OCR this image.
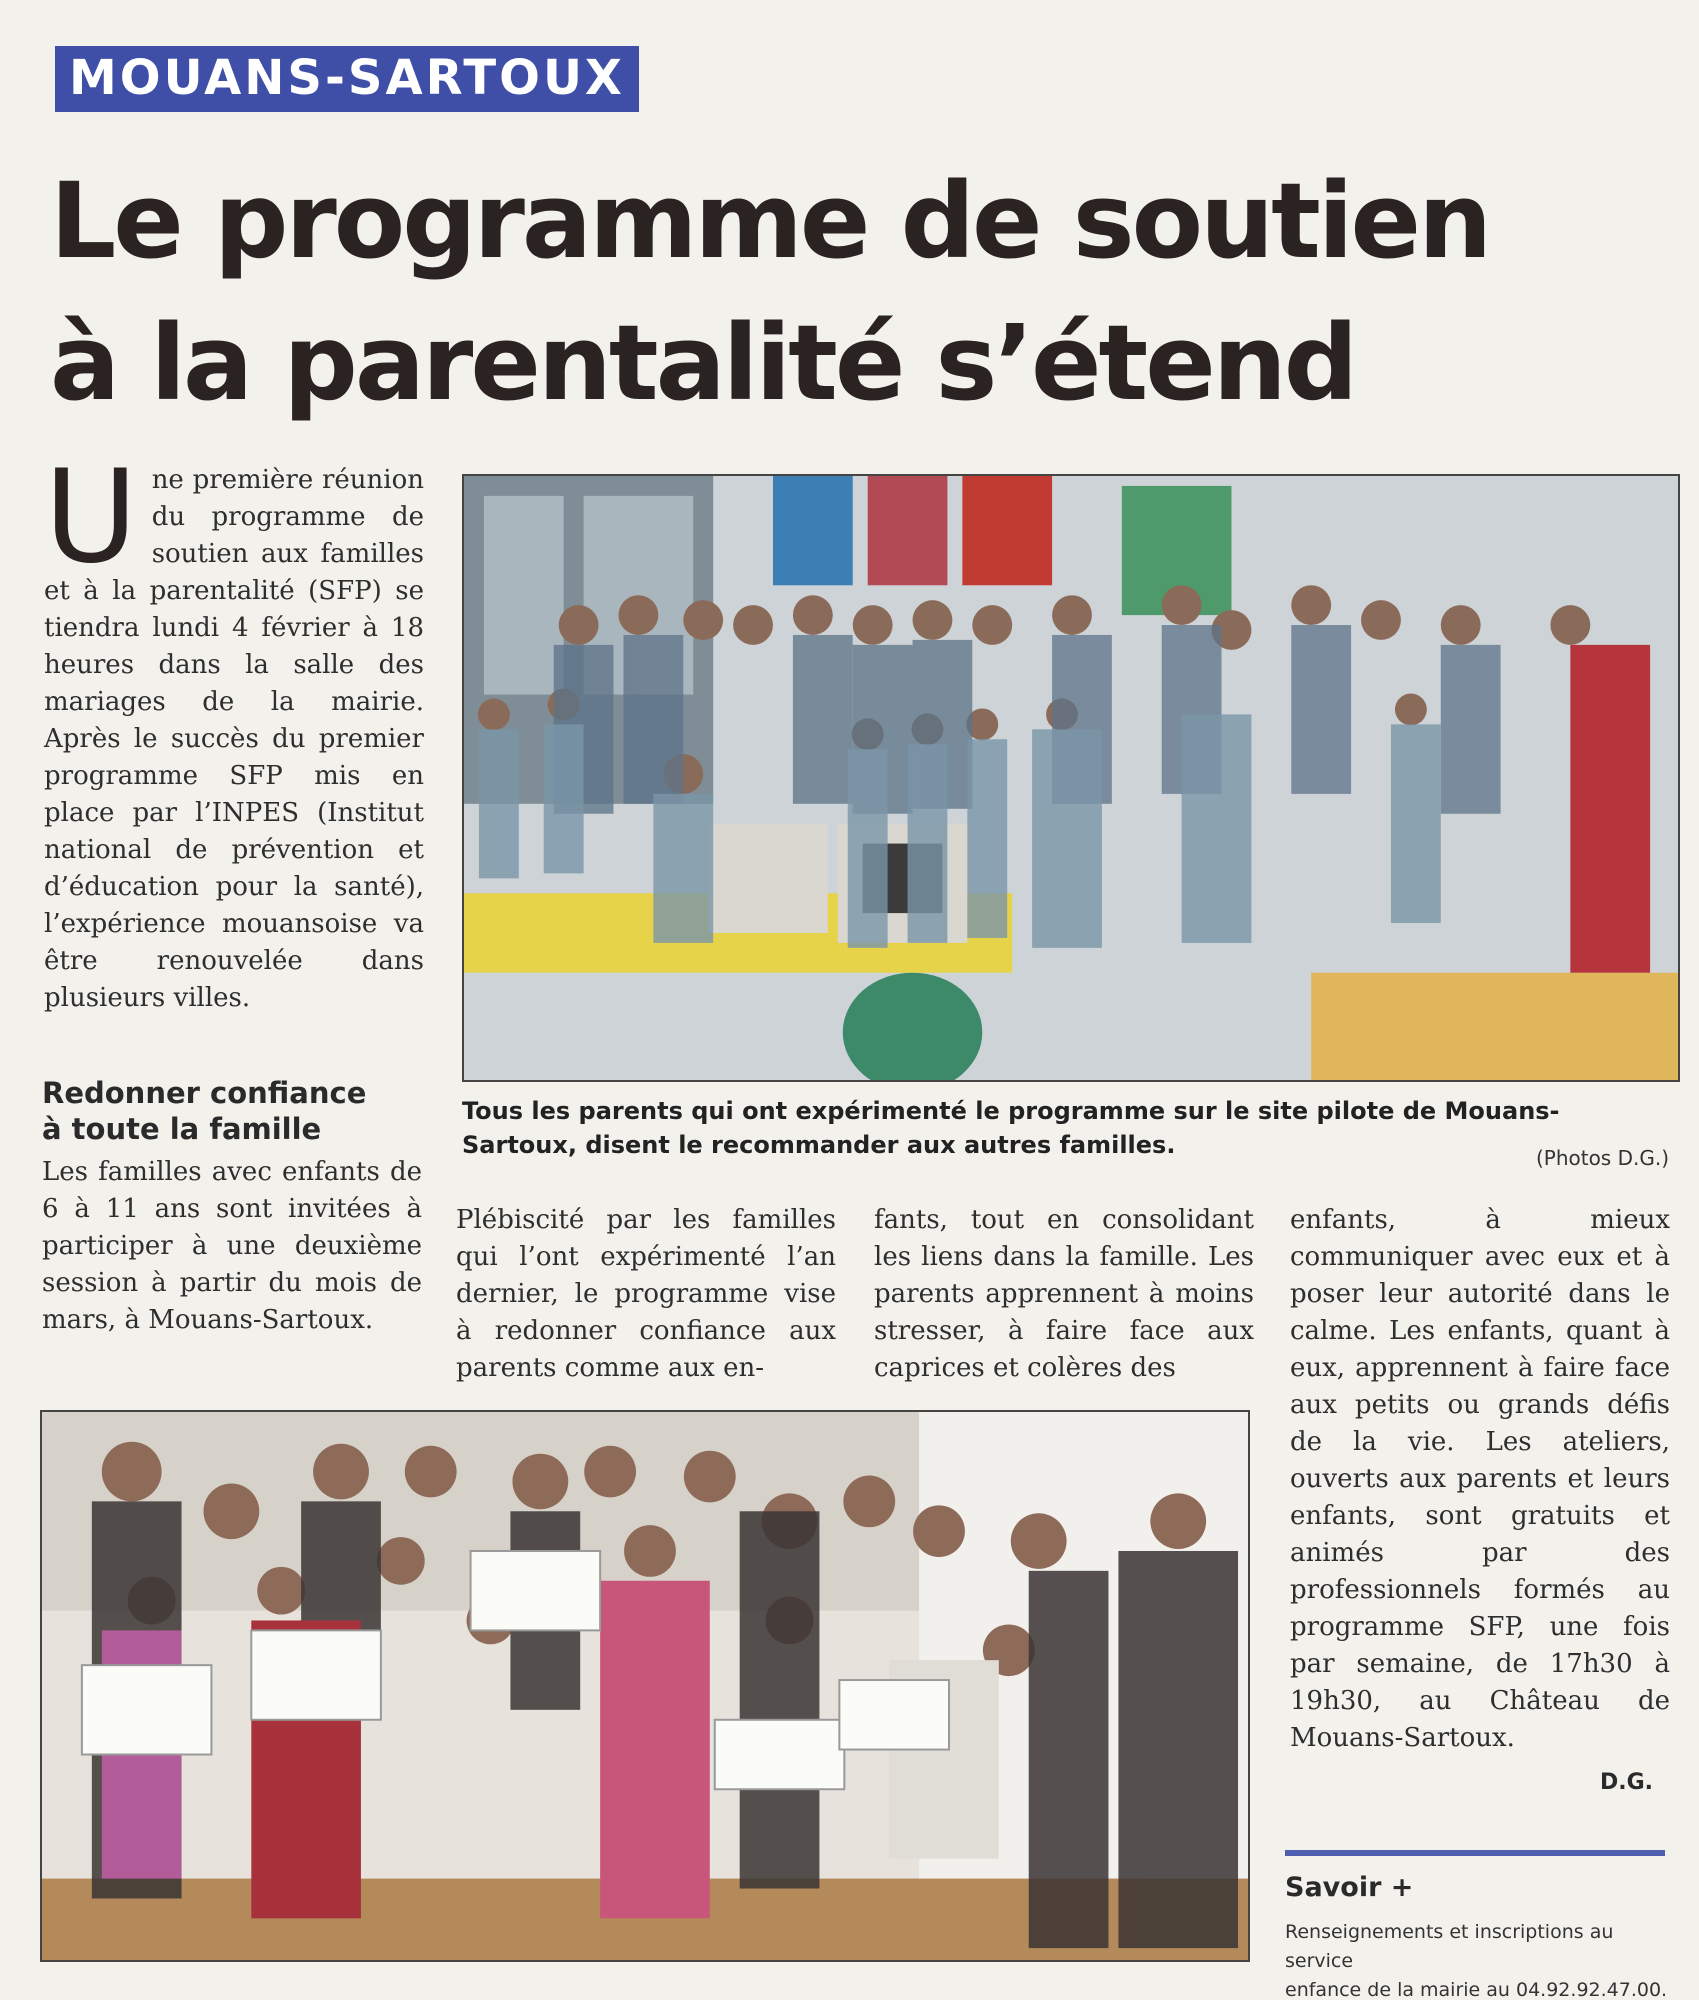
MOUANS-SARTOUX
Le programme de soutien
à la parentalité s’étend
Une première réunion du programme de soutien aux familles et à la parentalité (SFP) se tiendra lundi 4 février à 18 heures dans la salle des mariages de la mairie. Après le succès du premier programme SFP mis en place par l’INPES (Institut national de prévention et d’éducation pour la santé), l’expérience mouansoise va être renouvelée dans plusieurs villes.
Tous les parents qui ont expérimenté le programme sur le site pilote de Mouans-
Sartoux, disent le recommander aux autres familles.	(Photos D.G.)
Redonner confiance
à toute la famille
Les familles avec enfants de 6 à 11 ans sont invitées à participer à une deuxième session à partir du mois de mars, à Mouans-Sartoux.
Plébiscité par les familles qui l’ont expérimenté l’an dernier, le programme vise à redonner confiance aux parents comme aux en-
fants, tout en consolidant les liens dans la famille. Les parents apprennent à moins stresser, à faire face aux caprices et colères des
enfants, à mieux communiquer avec eux et à poser leur autorité dans le calme. Les enfants, quant à eux, apprennent à faire face aux petits ou grands défis de la vie. Les ateliers, ouverts aux parents et leurs enfants, sont gratuits et animés par des professionnels formés au programme SFP, une fois par semaine, de 17h30 à 19h30, au Château de Mouans-Sartoux.
D.G.
Savoir +
Renseignements et inscriptions au service
enfance de la mairie au 04.92.92.47.00.
